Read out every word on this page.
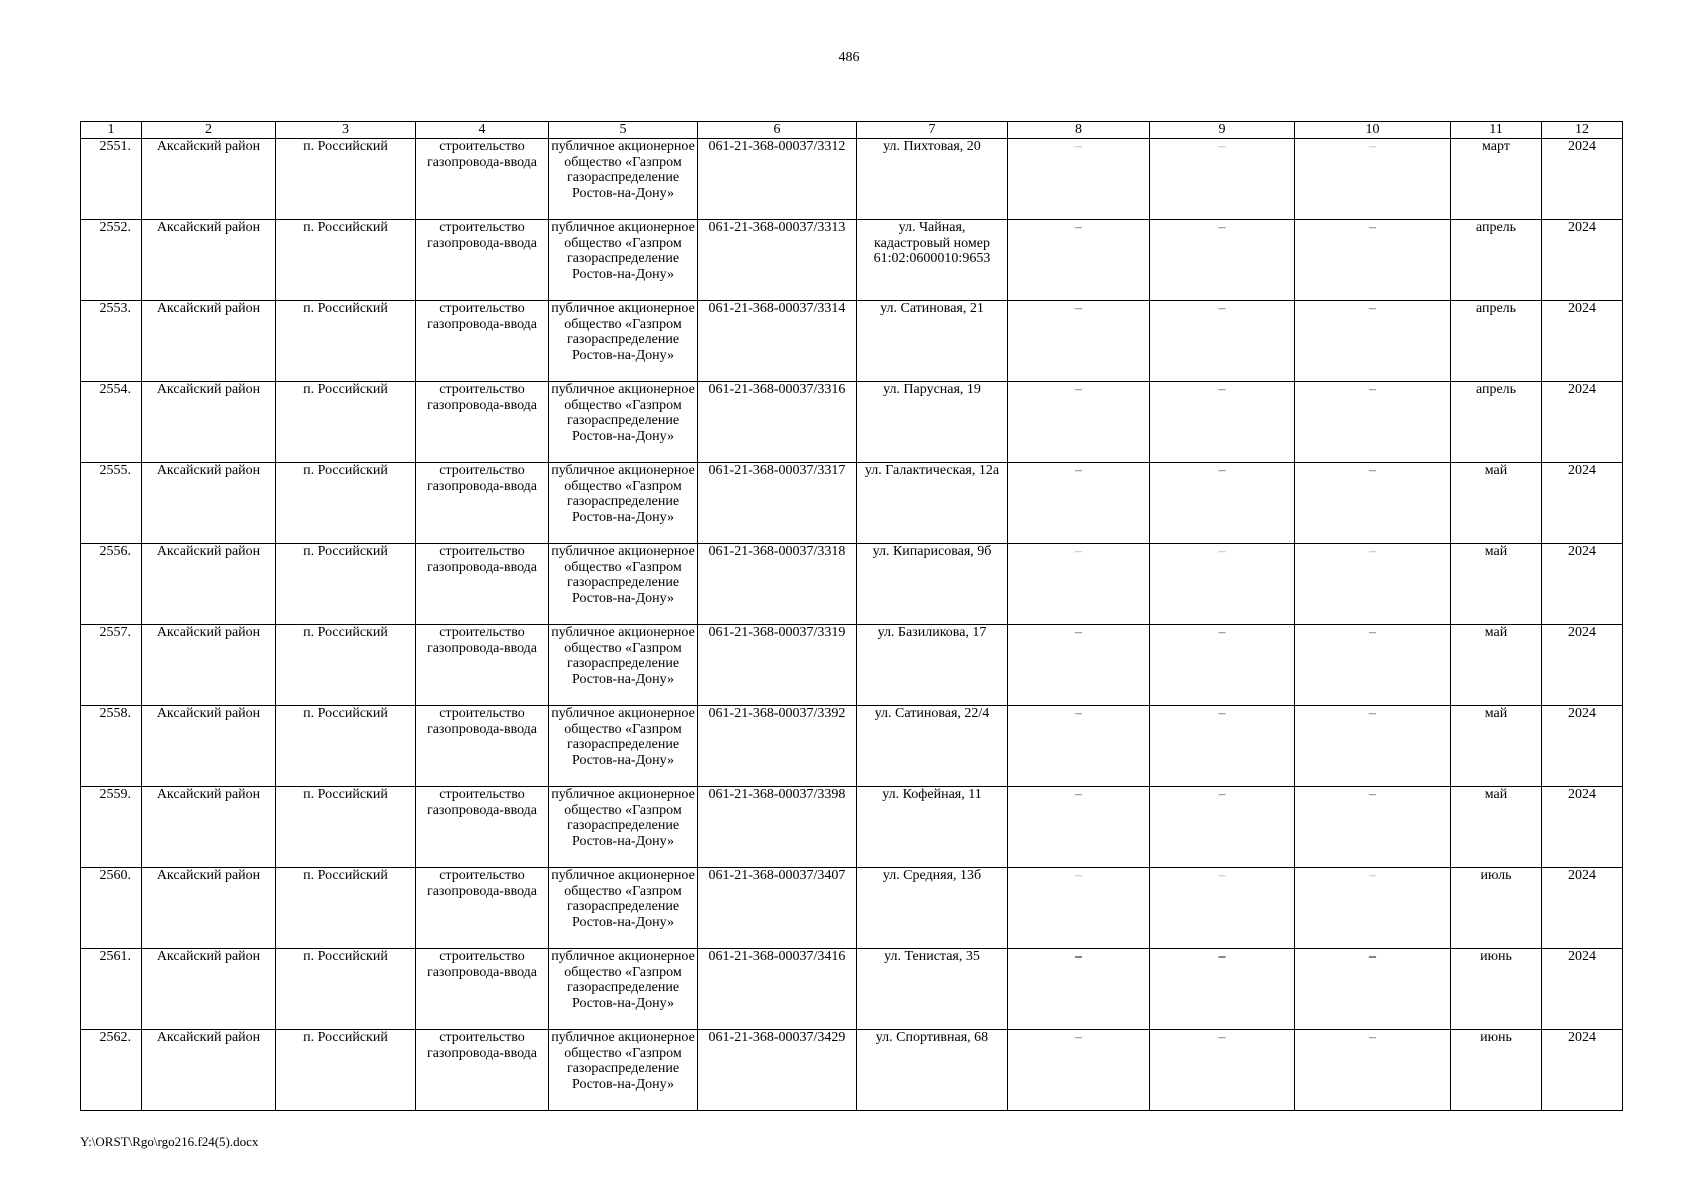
486
1	2	3	4	5	6	7	8	9	10	11	12
2551.	Аксайский район	п. Российский	строительство газопровода-ввода	публичное акционерное общество «Газпром газораспределение Ростов-на-Дону»	061-21-368-00037/3312	ул. Пихтовая, 20	–	–	–	март	2024
2552.	Аксайский район	п. Российский	строительство газопровода-ввода	публичное акционерное общество «Газпром газораспределение Ростов-на-Дону»	061-21-368-00037/3313	ул. Чайная, кадастровый номер 61:02:0600010:9653	–	–	–	апрель	2024
2553.	Аксайский район	п. Российский	строительство газопровода-ввода	публичное акционерное общество «Газпром газораспределение Ростов-на-Дону»	061-21-368-00037/3314	ул. Сатиновая, 21	–	–	–	апрель	2024
2554.	Аксайский район	п. Российский	строительство газопровода-ввода	публичное акционерное общество «Газпром газораспределение Ростов-на-Дону»	061-21-368-00037/3316	ул. Парусная, 19	–	–	–	апрель	2024
2555.	Аксайский район	п. Российский	строительство газопровода-ввода	публичное акционерное общество «Газпром газораспределение Ростов-на-Дону»	061-21-368-00037/3317	ул. Галактическая, 12а	–	–	–	май	2024
2556.	Аксайский район	п. Российский	строительство газопровода-ввода	публичное акционерное общество «Газпром газораспределение Ростов-на-Дону»	061-21-368-00037/3318	ул. Кипарисовая, 9б	–	–	–	май	2024
2557.	Аксайский район	п. Российский	строительство газопровода-ввода	публичное акционерное общество «Газпром газораспределение Ростов-на-Дону»	061-21-368-00037/3319	ул. Базиликова, 17	–	–	–	май	2024
2558.	Аксайский район	п. Российский	строительство газопровода-ввода	публичное акционерное общество «Газпром газораспределение Ростов-на-Дону»	061-21-368-00037/3392	ул. Сатиновая, 22/4	–	–	–	май	2024
2559.	Аксайский район	п. Российский	строительство газопровода-ввода	публичное акционерное общество «Газпром газораспределение Ростов-на-Дону»	061-21-368-00037/3398	ул. Кофейная, 11	–	–	–	май	2024
2560.	Аксайский район	п. Российский	строительство газопровода-ввода	публичное акционерное общество «Газпром газораспределение Ростов-на-Дону»	061-21-368-00037/3407	ул. Средняя, 13б	–	–	–	июль	2024
2561.	Аксайский район	п. Российский	строительство газопровода-ввода	публичное акционерное общество «Газпром газораспределение Ростов-на-Дону»	061-21-368-00037/3416	ул. Тенистая, 35	–	–	–	июнь	2024
2562.	Аксайский район	п. Российский	строительство газопровода-ввода	публичное акционерное общество «Газпром газораспределение Ростов-на-Дону»	061-21-368-00037/3429	ул. Спортивная, 68	–	–	–	июнь	2024
Y:\ORST\Rgo\rgo216.f24(5).docx
